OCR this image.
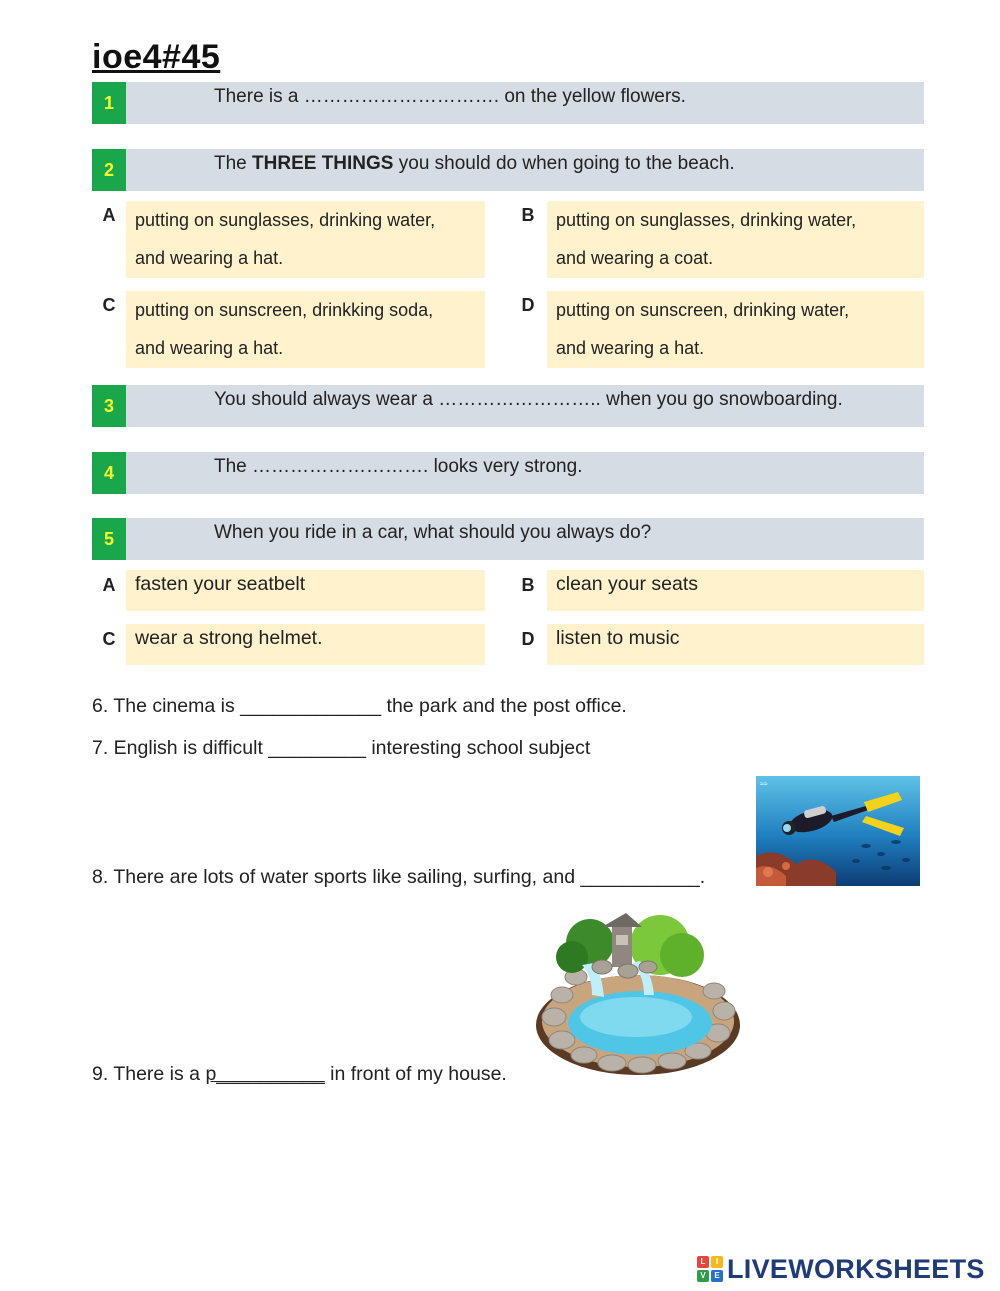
ioe4#45
1	There is a …………………………. on the yellow flowers.
2	The THREE THINGS you should do when going to the beach.
A	putting on sunglasses, drinking water,
and wearing a hat.
B	putting on sunglasses, drinking water,
and wearing a coat.
C	putting on sunscreen, drinkking soda,
and wearing a hat.
D	putting on sunscreen, drinking water,
and wearing a hat.
3	You should always wear a …………………….. when you go snowboarding.
4	The ………………………. looks very strong.
5	When you ride in a car, what should you always do?
A	fasten your seatbelt	B	clean your seats
C	wear a strong helmet.	D	listen to music
6. The cinema is _____________ the park and the post office.
7. English is difficult _________ interesting school subject
8. There are lots of water sports like sailing, surfing, and ___________.
9. There is a p__________ in front of my house.
≈≈
L	I
V	E LIVEWORKSHEETS
